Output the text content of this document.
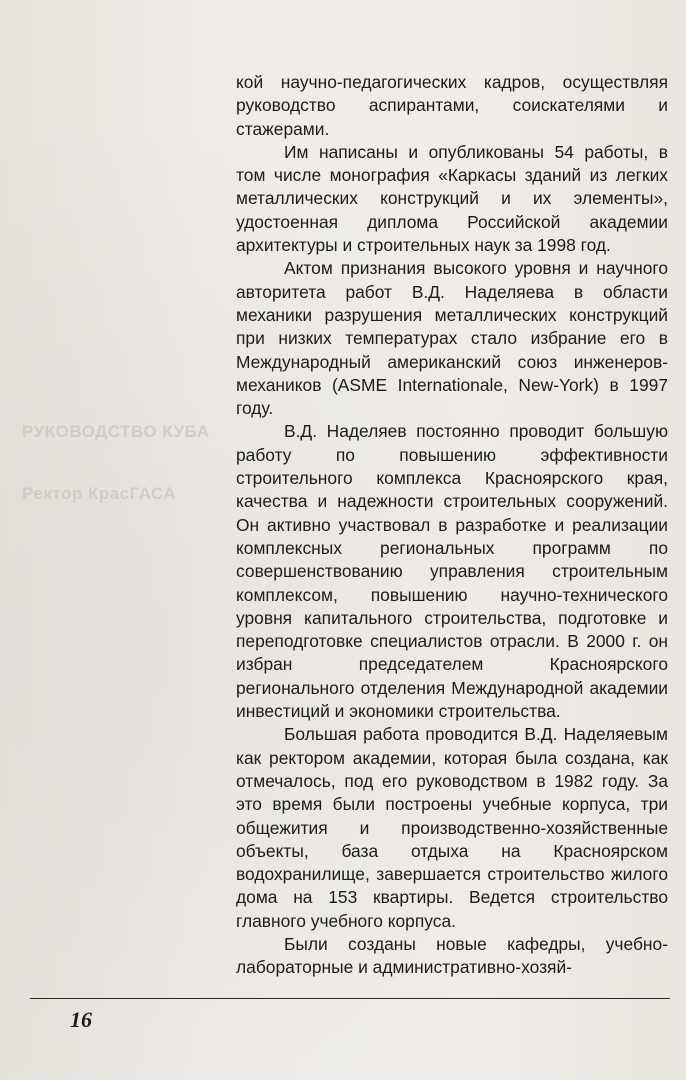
РУКОВОДСТВО КУБА
Ректор КрасГАСА

кой научно-педагогических кадров, осуществляя руководство аспирантами, соискателями и стажерами.

Им написаны и опубликованы 54 работы, в том числе монография «Каркасы зданий из легких металлических конструкций и их элементы», удостоенная диплома Российской академии архитектуры и строительных наук за 1998 год.

Актом признания высокого уровня и научного авторитета работ В.Д. Наделяева в области механики разрушения металлических конструкций при низких температурах стало избрание его в Международный американский союз инженеров-механиков (ASME Internationale, New-York) в 1997 году.

В.Д. Наделяев постоянно проводит большую работу по повышению эффективности строительного комплекса Красноярского края, качества и надежности строительных сооружений. Он активно участвовал в разработке и реализации комплексных региональных программ по совершенствованию управления строительным комплексом, повышению научно-технического уровня капитального строительства, подготовке и переподготовке специалистов отрасли. В 2000 г. он избран председателем Красноярского регионального отделения Международной академии инвестиций и экономики строительства.

Большая работа проводится В.Д. Наделяевым как ректором академии, которая была создана, как отмечалось, под его руководством в 1982 году. За это время были построены учебные корпуса, три общежития и производственно-хозяйственные объекты, база отдыха на Красноярском водохранилище, завершается строительство жилого дома на 153 квартиры. Ведется строительство главного учебного корпуса.

Были созданы новые кафедры, учебно-лабораторные и административно-хозяй-

16
